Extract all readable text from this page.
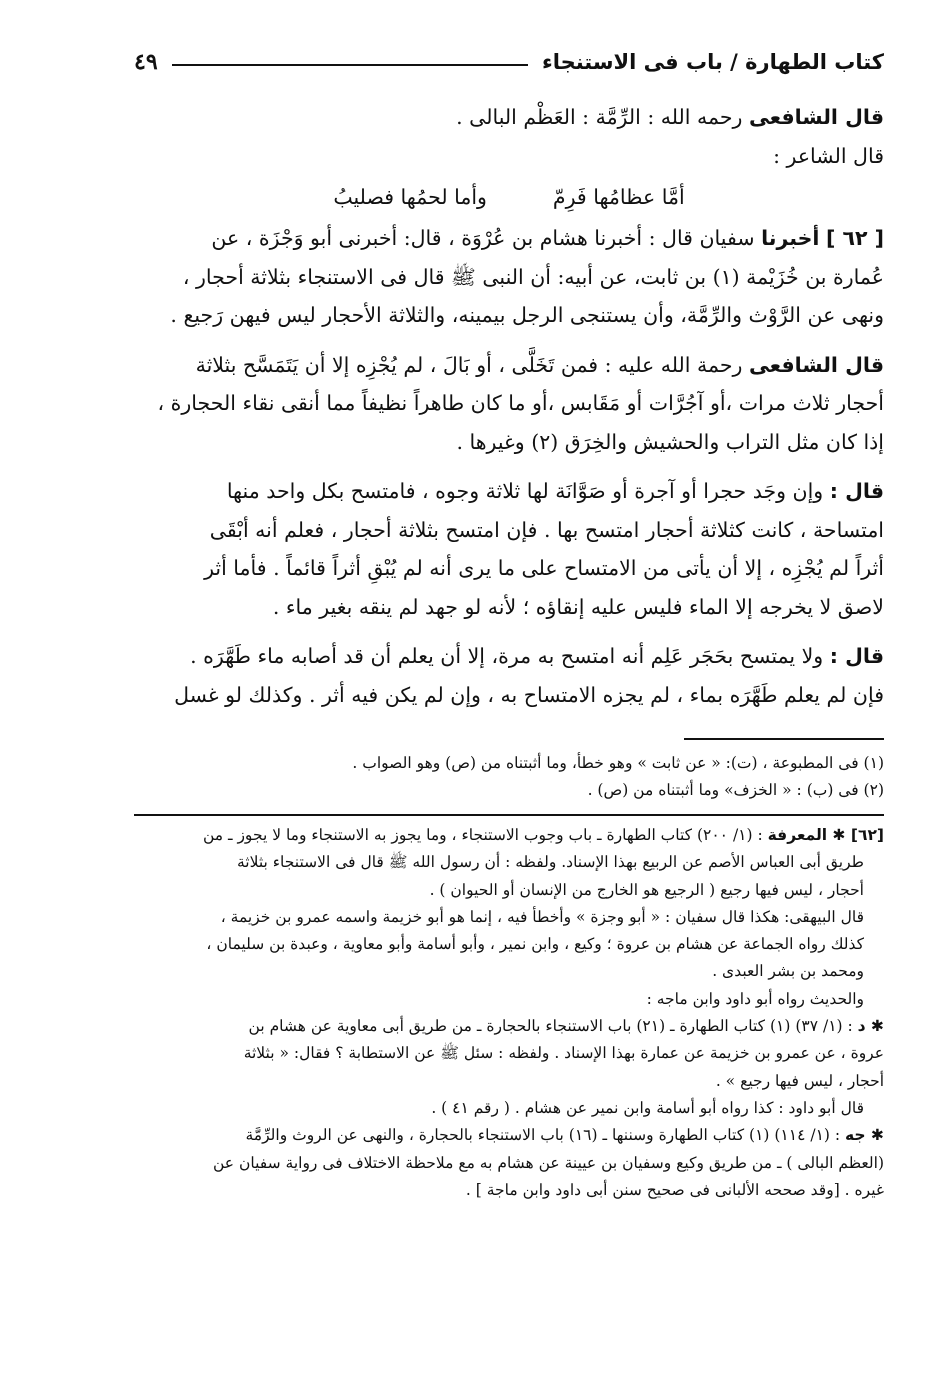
كتاب الطهارة / باب فى الاستنجاء
٤٩

قال الشافعى رحمه الله : الرِّمَّة : العَظْم البالى .

قال الشاعر :

أمَّا عظامُها فَرِمّ
وأما لحمُها فصليبُ

[ ٦٢ ] أخبرنا سفيان قال : أخبرنا هشام بن عُرْوَة ، قال: أخبرنى أبو وَجْزَة ، عن
عُمارة بن خُزَيْمة (١) بن ثابت، عن أبيه: أن النبى ﷺ قال فى الاستنجاء بثلاثة أحجار ،
ونهى عن الرَّوْث والرِّمَّة، وأن يستنجى الرجل بيمينه، والثلاثة الأحجار ليس فيهن رَجيع .

قال الشافعى رحمة الله عليه : فمن تَخَلَّى ، أو بَالَ ، لم يُجْزِه إلا أن يَتَمَسَّح بثلاثة
أحجار ثلاث مرات ،أو آجُرَّات أو مَقَابس ،أو ما كان طاهراً نظيفاً مما أنقى نقاء الحجارة ،
إذا كان مثل التراب والحشيش والخِرَق (٢) وغيرها .

قال : وإن وجَد حجرا أو آجرة أو صَوَّانَة لها ثلاثة وجوه ، فامتسح بكل واحد منها
امتساحة ، كانت كثلاثة أحجار امتسح بها . فإن امتسح بثلاثة أحجار ، فعلم أنه أبْقَى
أثراً لم يُجْزِه ، إلا أن يأتى من الامتساح على ما يرى أنه لم يُبْقِ أثراً قائماً . فأما أثر
لاصق لا يخرجه إلا الماء فليس عليه إنقاؤه ؛ لأنه لو جهد لم ينقه بغير ماء .

قال : ولا يمتسح بحَجَر عَلِم أنه امتسح به مرة، إلا أن يعلم أن قد أصابه ماء طَهَّرَه .
فإن لم يعلم طَهَّرَه بماء ، لم يجزه الامتساح به ، وإن لم يكن فيه أثر . وكذلك لو غسل

(١) فى المطبوعة ، (ت): « عن ثابت » وهو خطأ، وما أثبتناه من (ص) وهو الصواب .

(٢) فى (ب) : « الخزف» وما أثبتناه من (ص) .

[٦٢] ✱ المعرفة : (١/ ٢٠٠) كتاب الطهارة ـ باب وجوب الاستنجاء ، وما يجوز به الاستنجاء وما لا يجوز ـ من
طريق أبى العباس الأصم عن الربيع بهذا الإسناد. ولفظه : أن رسول الله ﷺ قال فى الاستنجاء بثلاثة
أحجار ، ليس فيها رجيع ( الرجيع هو الخارج من الإنسان أو الحيوان ) .

قال البيهقى: هكذا قال سفيان : « أبو وجزة » وأخطأ فيه ، إنما هو أبو خزيمة واسمه عمرو بن خزيمة ،
كذلك رواه الجماعة عن هشام بن عروة ؛ وكيع ، وابن نمير ، وأبو أسامة وأبو معاوية ، وعبدة بن سليمان ،
ومحمد بن بشر العبدى .

والحديث رواه أبو داود وابن ماجه :

✱ د : (١/ ٣٧) (١) كتاب الطهارة ـ (٢١) باب الاستنجاء بالحجارة ـ من طريق أبى معاوية عن هشام بن
عروة ، عن عمرو بن خزيمة عن عمارة بهذا الإسناد . ولفظه : سئل ﷺ عن الاستطابة ؟ فقال: « بثلاثة
أحجار ، ليس فيها رجيع » .

قال أبو داود : كذا رواه أبو أسامة وابن نمير عن هشام . ( رقم ٤١ ) .

✱ جه : (١/ ١١٤) (١) كتاب الطهارة وسننها ـ (١٦) باب الاستنجاء بالحجارة ، والنهى عن الروث والرِّمَّة
(العظم البالى ) ـ من طريق وكيع وسفيان بن عيينة عن هشام به مع ملاحظة الاختلاف فى رواية سفيان عن
غيره . [وقد صححه الألبانى فى صحيح سنن أبى داود وابن ماجة ] .
